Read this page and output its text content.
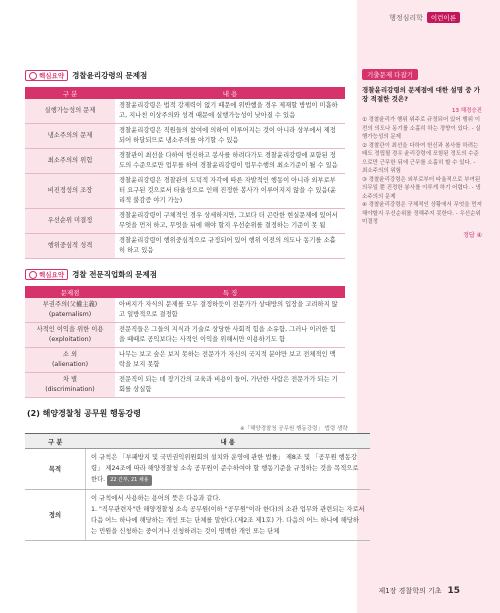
행정심리학	이런이론
핵심요약 경찰윤리강령의 문제점
구 분	내 용
실행가능성의 문제	경찰윤리강령은 법적 강제력이 없기 때문에 위반했을 경우 제재할 방법이 미흡하고, 지나친 이상주의와 성격 때문에 실행가능성이 낮아질 수 있음
냉소주의의 문제	경찰윤리강령은 직원들의 참여에 의하여 이루어지는 것이 아니라 상부에서 제정되어 하달되므로 냉소주의를 야기할 수 있음
최소주의의 위험	경찰관이 최선을 다하여 헌신하고 봉사를 하려다가도 경찰윤리강령에 포함된 정도의 수준으로만 업무를 하여 경찰윤리강령이 업무수행의 최소기준이 될 수 있음
비진정성의 조장	경찰윤리강령은 경찰관의 도덕적 자각에 따른 자발적인 행동이 아니라 외부로부터 요구된 것으로서 타율성으로 인해 진정한 봉사가 이루어지지 않을 수 있음(윤리적 불감증 야기 가능)
우선순위 미결정	경찰윤리강령이 구체적인 경우 상세하지만, 그보다 더 곤란한 현실문제에 있어서 무엇을 먼저 하고, 무엇을 뒤에 해야 할지 우선순위를 결정하는 기준이 못 됨
행위중심적 성격	경찰윤리강령이 행위중심적으로 규정되어 있어 행위 이전의 의도나 동기를 소홀히 하고 있음
핵심요약 경찰 전문직업화의 문제점
문제점	특 징

부권주의(父權主義)
(paternalism)	아버지가 자식의 문제를 모두 결정하듯이 전문가가 상대방의 입장을 고려하지 않고 일방적으로 결정함

사적인 이익을 위한 이용
(exploitation)	전문직들은 그들의 지식과 기술로 상당한 사회적 힘을 소유함, 그러나 이러한 힘을 때때로 공익보다는 사적인 이익을 위해서만 이용하기도 함

소 외
(alienation)	나무는 보고 숲은 보지 못하는 전문가가 자신의 국지적 분야만 보고 전체적인 맥락을 보지 못함

차 별
(discrimination)	전문직이 되는 데 장기간의 교육과 비용이 들어, 가난한 사람은 전문가가 되는 기회를 상실함
(2) 해양경찰청 공무원 행동강령
※「해양경찰청 공무원 행동강령」 법령 생략
구 분	내 용
목적	이 규칙은 「부패방지 및 국민권익위원회의 설치와 운영에 관한 법률」 제8조 및 「공무원 행동강령」 제24조에 따라 해양경찰청 소속 공무원이 준수하여야 할 행동기준을 규정하는 것을 목적으로 한다. 22 간부, 21 채용
정의	이 규칙에서 사용하는 용어의 뜻은 다음과 같다.
1. "직무관련자"란 해양경찰청 소속 공무원(이하 "공무원"이라 한다)의 소관 업무와 관련되는 자로서 다음 어느 하나에 해당하는 개인 또는 단체를 말한다.(제2조 제1호) 가. 다음의 어느 하나에 해당하는 민원을 신청하는 중이거나 신청하려는 것이 명백한 개인 또는 단체
기출문제 다잡기
경찰윤리강령의 문제점에 대한 설명 중 가장 적절한 것은?
13 해경승진
① 경찰윤리가 행위 위주로 규정되어 있어 행위 이전의 의도나 동기를 소홀히 하는 경향이 있다. - 실행가능성의 문제
② 경찰관이 최선을 다하여 헌신과 봉사를 하려는 태도 정립될 경우 윤리강령에 포함된 정도의 수준으로만 근무한 뒤에 근무를 소홀히 할 수 있다. - 최소주의의 위험
③ 경찰윤리강령은 외부로부터 타율적으로 부여된 의무일 뿐 진정한 봉사를 이루게 하기 어렵다. - 냉소주의의 문제
④ 경찰윤리강령은 구체적인 상황에서 무엇을 먼저 해야할지 우선순위를 정해주지 못한다. - 우선순위 미결정
정답 ④
제1장 경찰학의 기초 15
